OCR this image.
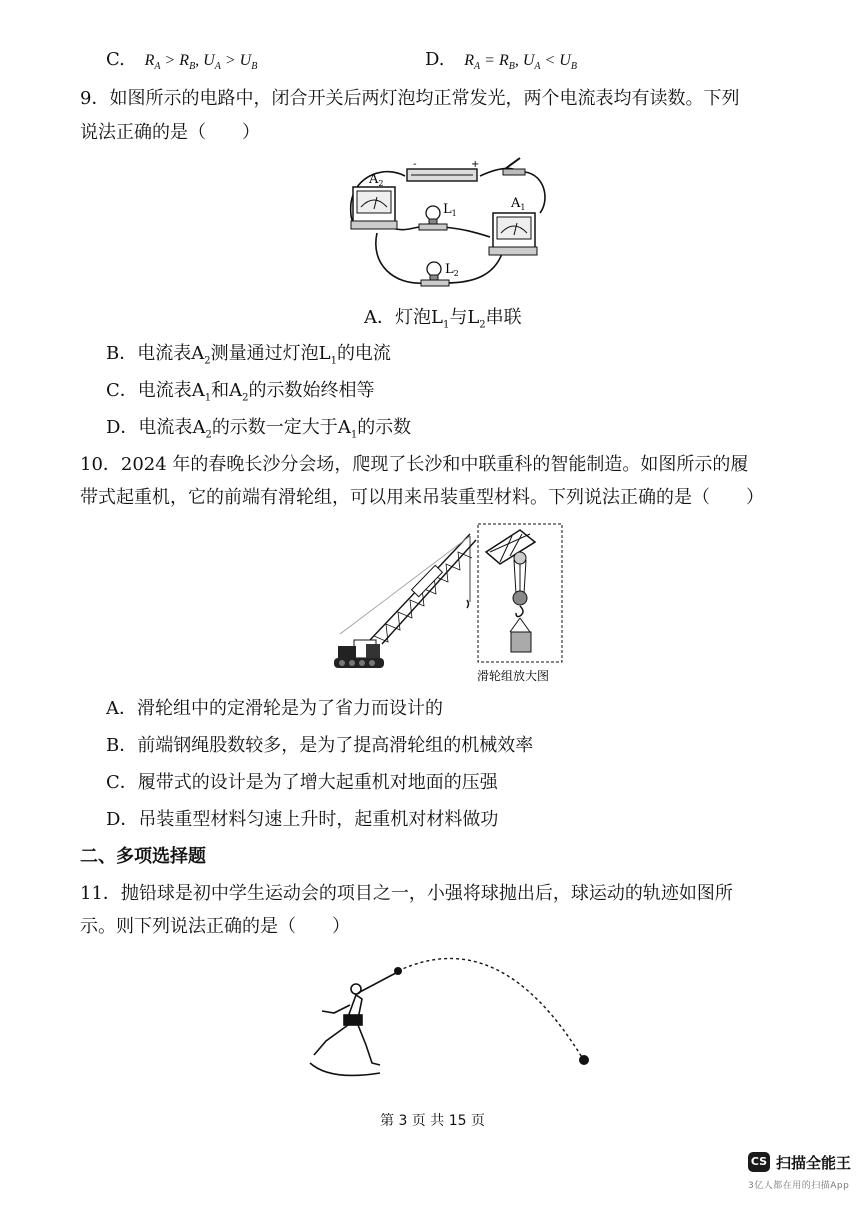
C. $R_A > R_B$, $U_A > U_B$	D. $R_A = R_B$, $U_A < U_B$
9．如图所示的电路中，闭合开关后两灯泡均正常发光，两个电流表均有读数。下列
说法正确的是（　　）
-	+
$A_2$
$L_1$
$A_1$
$L_2$
A．灯泡$L_1$与$L_2$串联
B．电流表$A_2$测量通过灯泡$L_1$的电流
C．电流表$A_1$和$A_2$的示数始终相等
D．电流表$A_2$的示数一定大于$A_1$的示数
10．2024 年的春晚长沙分会场，爬现了长沙和中联重科的智能制造。如图所示的履
带式起重机，它的前端有滑轮组，可以用来吊装重型材料。下列说法正确的是（　　）
滑轮组放大图
A．滑轮组中的定滑轮是为了省力而设计的
B．前端钢绳股数较多，是为了提高滑轮组的机械效率
C．履带式的设计是为了增大起重机对地面的压强
D．吊装重型材料匀速上升时，起重机对材料做功
二、多项选择题
11．抛铅球是初中学生运动会的项目之一，小强将球抛出后，球运动的轨迹如图所
示。则下列说法正确的是（　　）
第 3 页 共 15 页
CS 扫描全能王
3亿人都在用的扫描App
